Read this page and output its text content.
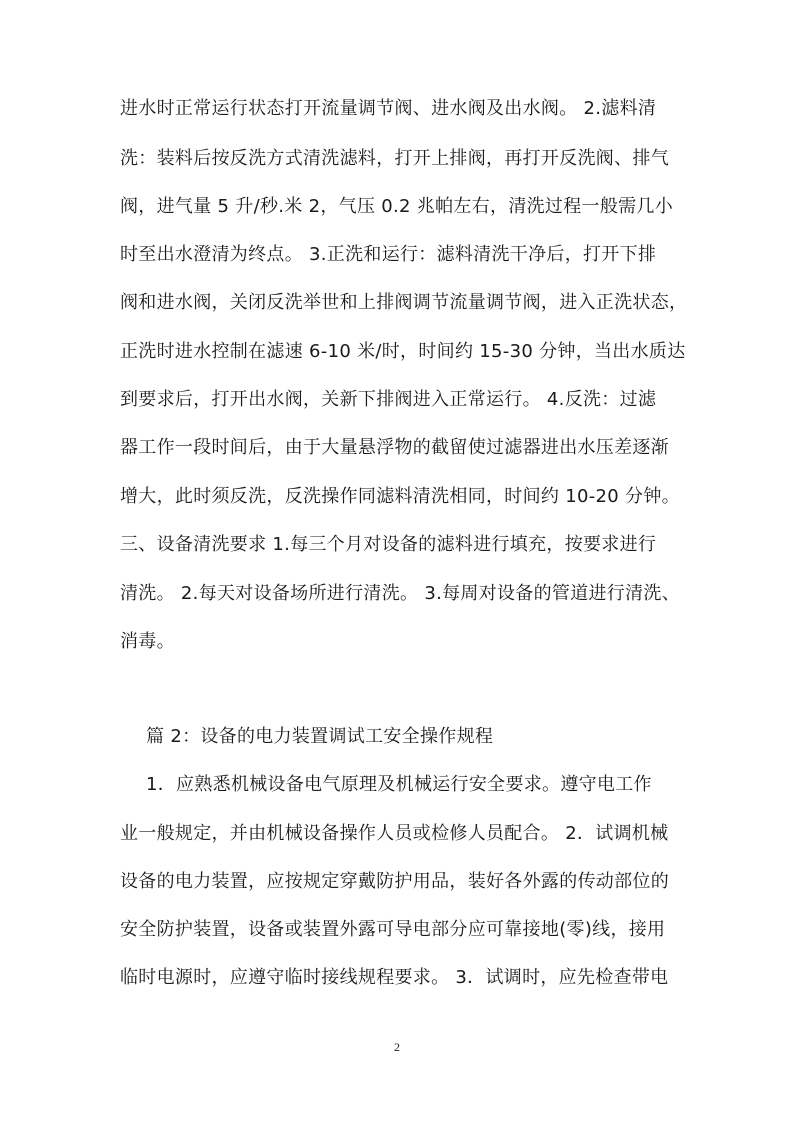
进水时正常运行状态打开流量调节阀、进水阀及出水阀。 2.滤料清
洗：装料后按反洗方式清洗滤料，打开上排阀，再打开反洗阀、排气
阀，进气量 5 升/秒.米 2，气压 0.2 兆帕左右，清洗过程一般需几小
时至出水澄清为终点。 3.正洗和运行：滤料清洗干净后，打开下排
阀和进水阀，关闭反洗举世和上排阀调节流量调节阀，进入正洗状态，
正洗时进水控制在滤速 6-10 米/时，时间约 15-30 分钟，当出水质达
到要求后，打开出水阀，关新下排阀进入正常运行。 4.反洗：过滤
器工作一段时间后，由于大量悬浮物的截留使过滤器进出水压差逐渐
增大，此时须反洗，反洗操作同滤料清洗相同，时间约 10-20 分钟。
三、设备清洗要求 1.每三个月对设备的滤料进行填充，按要求进行
清洗。 2.每天对设备场所进行清洗。 3.每周对设备的管道进行清洗、
消毒。
篇 2：设备的电力装置调试工安全操作规程
1．应熟悉机械设备电气原理及机械运行安全要求。遵守电工作
业一般规定，并由机械设备操作人员或检修人员配合。 2．试调机械
设备的电力装置，应按规定穿戴防护用品，装好各外露的传动部位的
安全防护装置，设备或装置外露可导电部分应可靠接地(零)线，接用
临时电源时，应遵守临时接线规程要求。 3．试调时，应先检查带电
2
